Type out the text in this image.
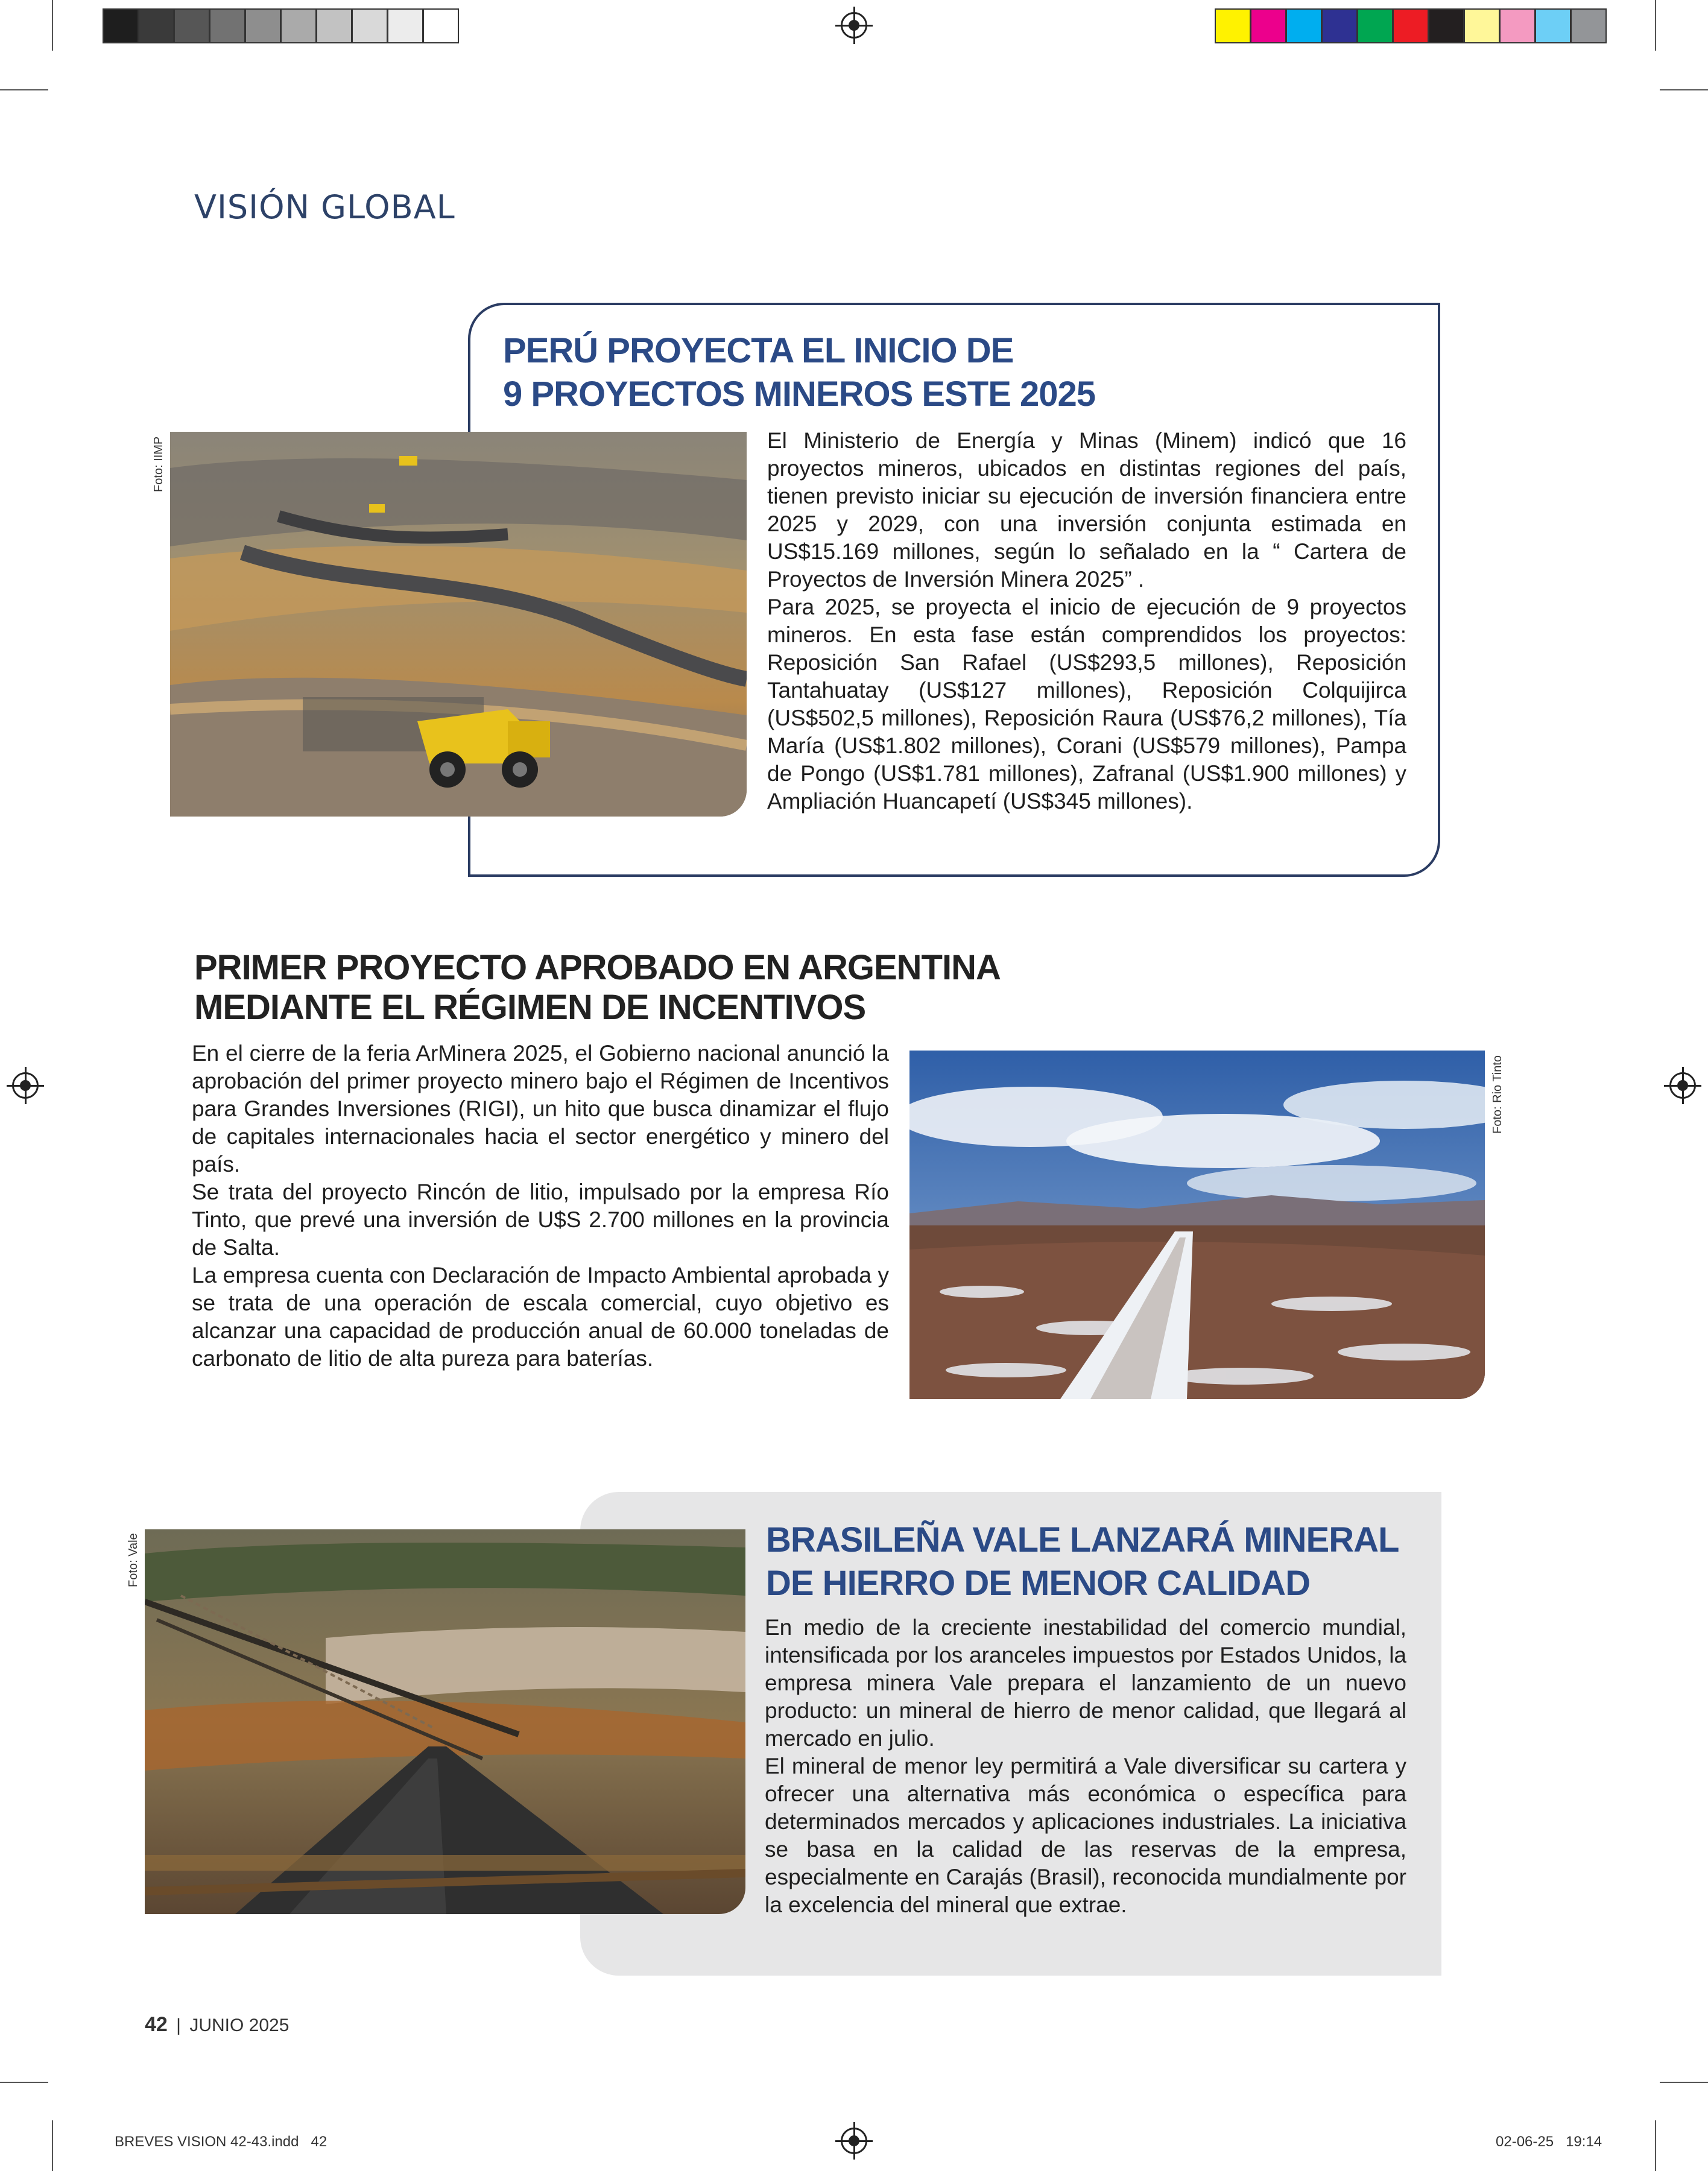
VISIÓN GLOBAL
PERÚ PROYECTA EL INICIO DE
9 PROYECTOS MINEROS ESTE 2025
Foto: IIMP	El Ministerio de Energía y Minas (Minem) indicó que 16 proyectos mineros, ubicados en distintas regiones del país, tienen previsto iniciar su ejecución de inversión financiera entre 2025 y 2029, con una inversión conjunta estimada en US$15.169 millones, según lo señalado en la “ Cartera de Proyectos de Inversión Minera 2025” .

Para 2025, se proyecta el inicio de ejecución de 9 proyectos mineros. En esta fase están comprendidos los proyectos: Reposición San Rafael (US$293,5 millones), Reposición Tantahuatay (US$127 millones), Reposición Colquijirca (US$502,5 millones), Reposición Raura (US$76,2 millones), Tía María (US$1.802 millones), Corani (US$579 millones), Pampa de Pongo (US$1.781 millones), Zafranal (US$1.900 millones) y Ampliación Huancapetí (US$345 millones).

PRIMER PROYECTO APROBADO EN ARGENTINA
MEDIANTE EL RÉGIMEN DE INCENTIVOS

En el cierre de la feria ArMinera 2025, el Gobierno nacional anunció la aprobación del primer proyecto minero bajo el Régimen de Incentivos para Grandes Inversiones (RIGI), un hito que busca dinamizar el flujo de capitales internacionales hacia el sector energético y minero del país.

Se trata del proyecto Rincón de litio, impulsado por la empresa Río Tinto, que prevé una inversión de U$S 2.700 millones en la provincia de Salta.

La empresa cuenta con Declaración de Impacto Ambiental aprobada y se trata de una operación de escala comercial, cuyo objetivo es alcanzar una capacidad de producción anual de 60.000 toneladas de carbonato de litio de alta pureza para baterías.

Foto: Rio Tinto
Foto: Vale	BRASILEÑA VALE LANZARÁ MINERAL
DE HIERRO DE MENOR CALIDAD

En medio de la creciente inestabilidad del comercio mundial, intensificada por los aranceles impuestos por Estados Unidos, la empresa minera Vale prepara el lanzamiento de un nuevo producto: un mineral de hierro de menor calidad, que llegará al mercado en julio.

El mineral de menor ley permitirá a Vale diversificar su cartera y ofrecer una alternativa más económica o específica para determinados mercados y aplicaciones industriales. La iniciativa se basa en la calidad de las reservas de la empresa, especialmente en Carajás (Brasil), reconocida mundialmente por la excelencia del mineral que extrae.

42 | JUNIO 2025
BREVES VISION 42-43.indd   42	02-06-25   19:14
